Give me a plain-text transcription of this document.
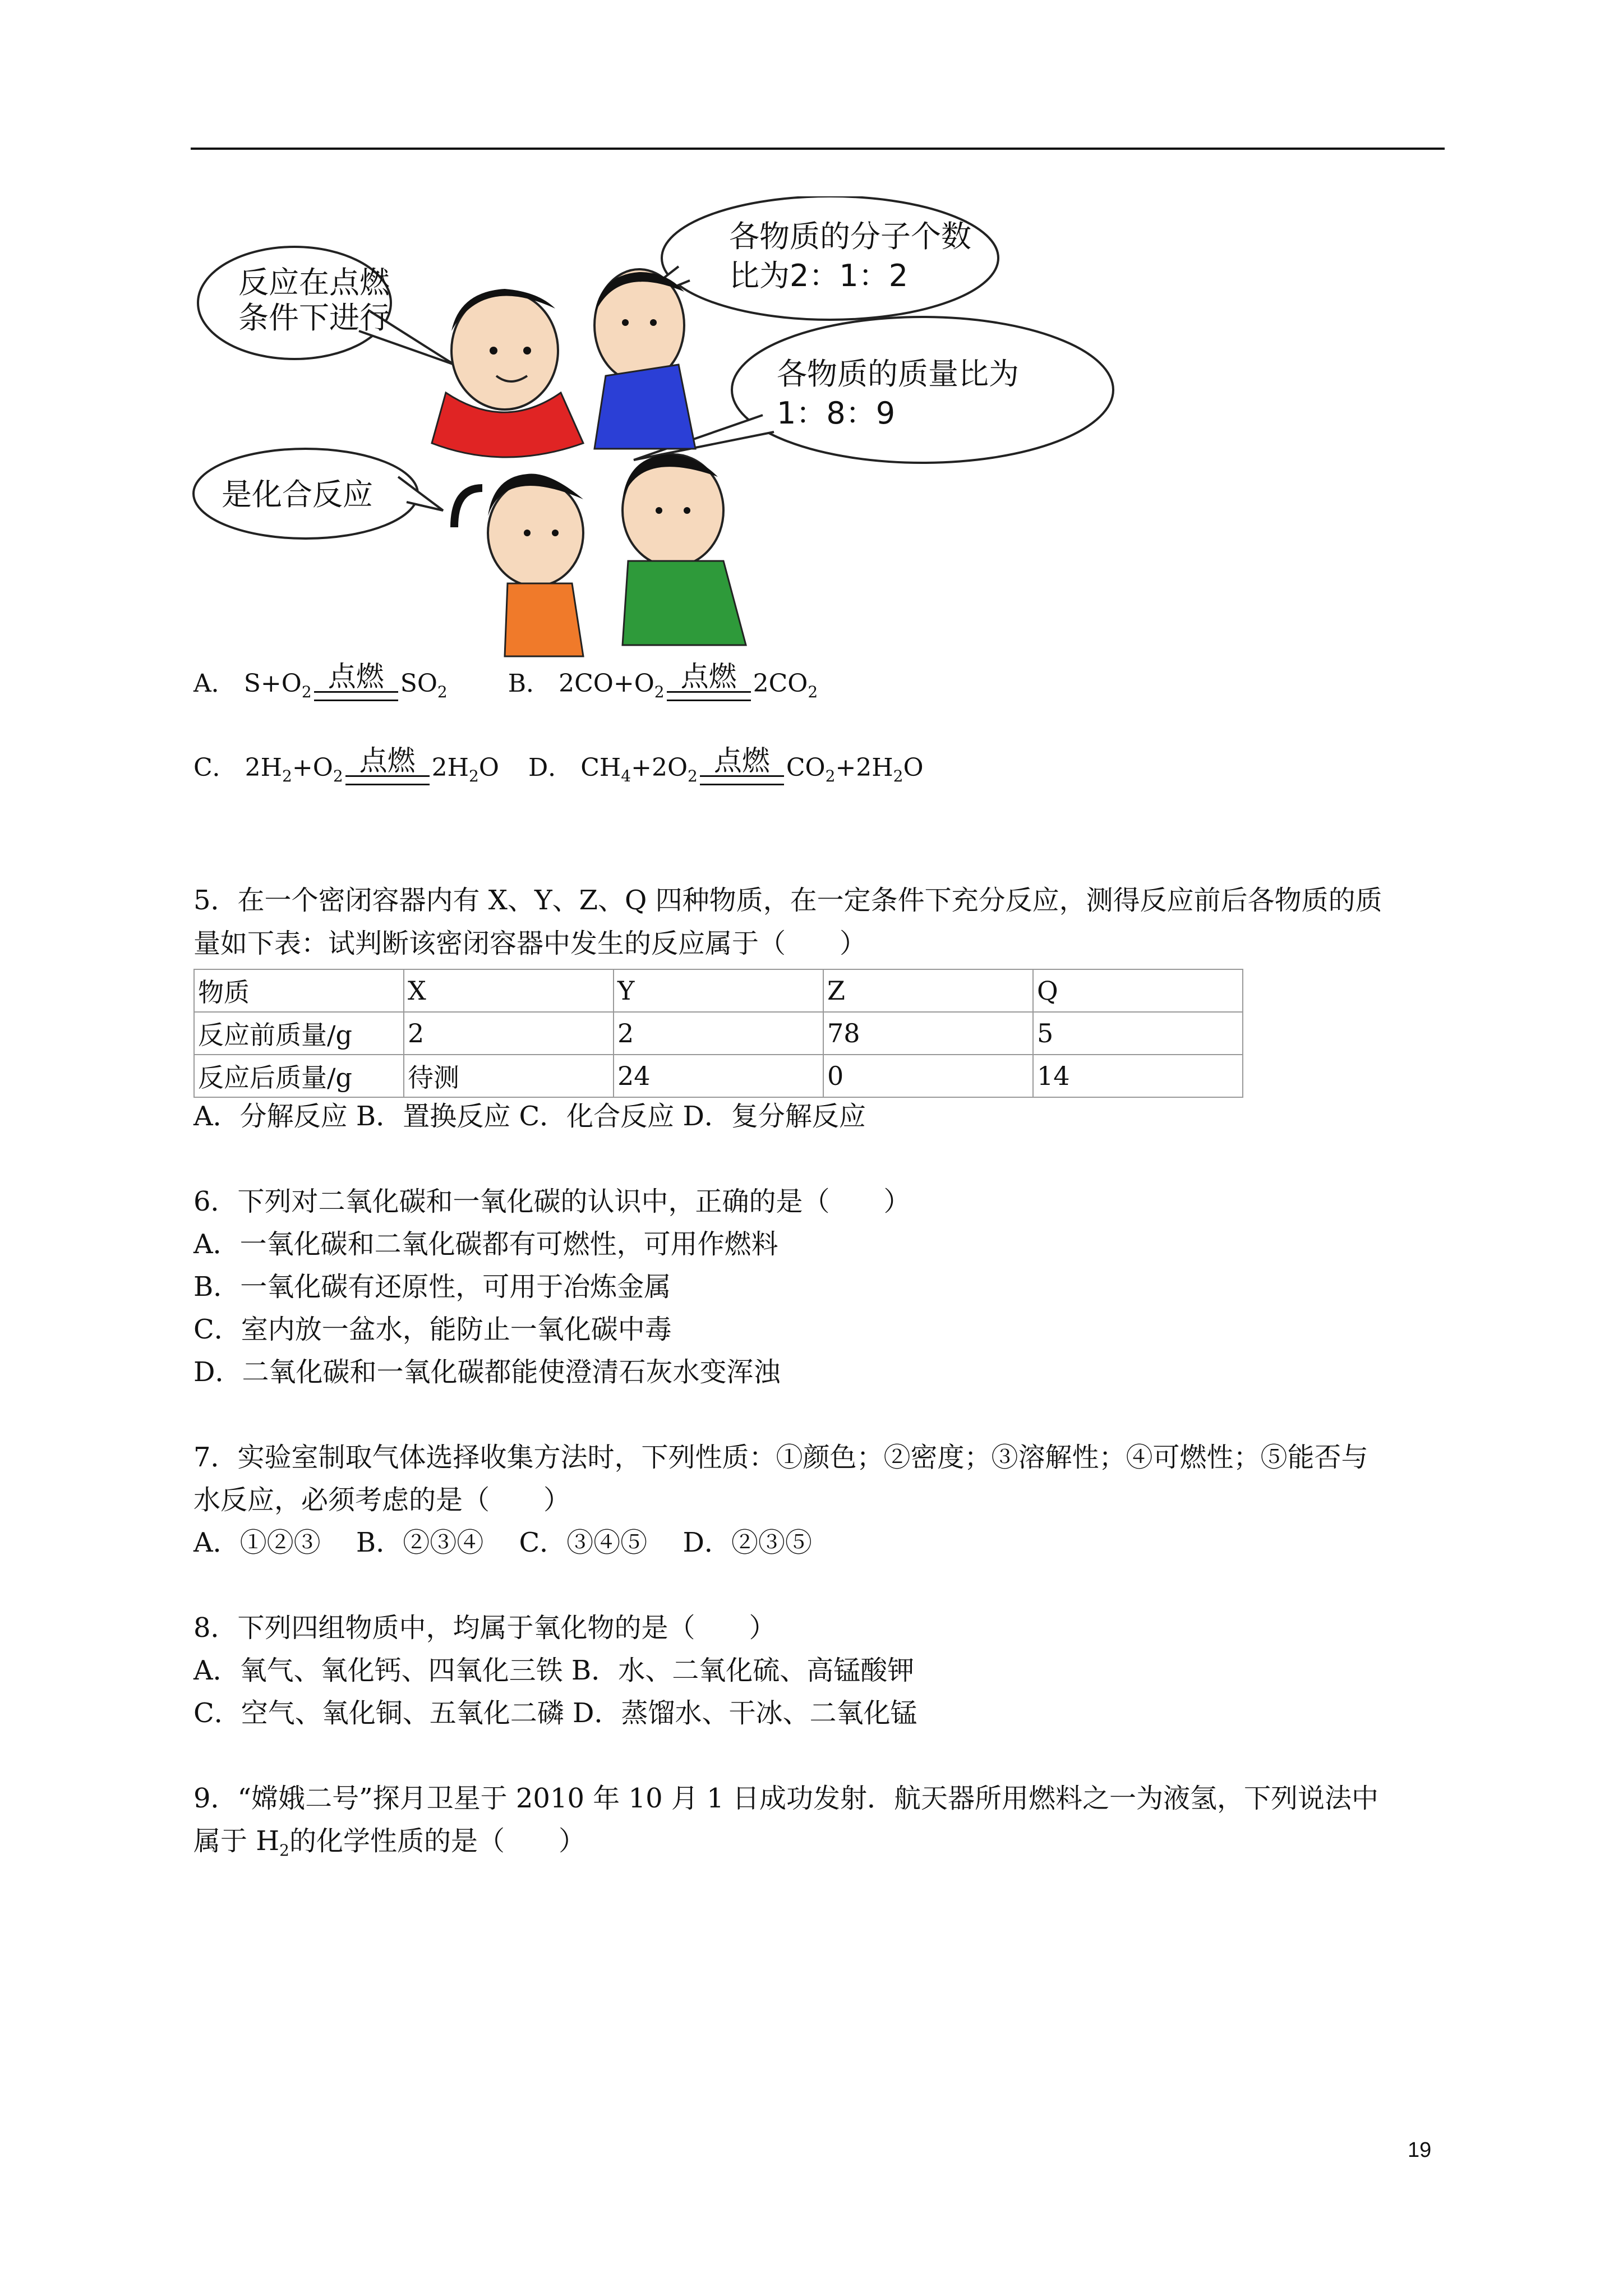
反应在点燃
条件下进行
各物质的分子个数
比为2：1：2
各物质的质量比为
1：8：9
是化合反应
A． $S+O_2$ 点燃 $SO_2$ B． $2CO+O_2$ 点燃 $2CO_2$
C． $2H_2+O_2$ 点燃 $2H_2O$ D． $CH_4+2O_2$ 点燃 $CO_2+2H_2O$
5．在一个密闭容器内有 X、Y、Z、Q 四种物质，在一定条件下充分反应，测得反应前后各物质的质
量如下表：试判断该密闭容器中发生的反应属于（　　）
物质	X	Y	Z	Q
反应前质量/g	2	2	78	5
反应后质量/g	待测	24	0	14
A．分解反应 B．置换反应 C．化合反应 D．复分解反应
6．下列对二氧化碳和一氧化碳的认识中，正确的是（　　）
A．一氧化碳和二氧化碳都有可燃性，可用作燃料
B．一氧化碳有还原性，可用于冶炼金属
C．室内放一盆水，能防止一氧化碳中毒
D．二氧化碳和一氧化碳都能使澄清石灰水变浑浊
7．实验室制取气体选择收集方法时，下列性质：①颜色；②密度；③溶解性；④可燃性；⑤能否与
水反应，必须考虑的是（　　）
A．①②③　 B．②③④　 C．③④⑤　 D．②③⑤
8．下列四组物质中，均属于氧化物的是（　　）
A．氧气、氧化钙、四氧化三铁 B．水、二氧化硫、高锰酸钾
C．空气、氧化铜、五氧化二磷 D．蒸馏水、干冰、二氧化锰
9．“嫦娥二号”探月卫星于 2010 年 10 月 1 日成功发射．航天器所用燃料之一为液氢，下列说法中
属于 $H_2$的化学性质的是（　　）
19
